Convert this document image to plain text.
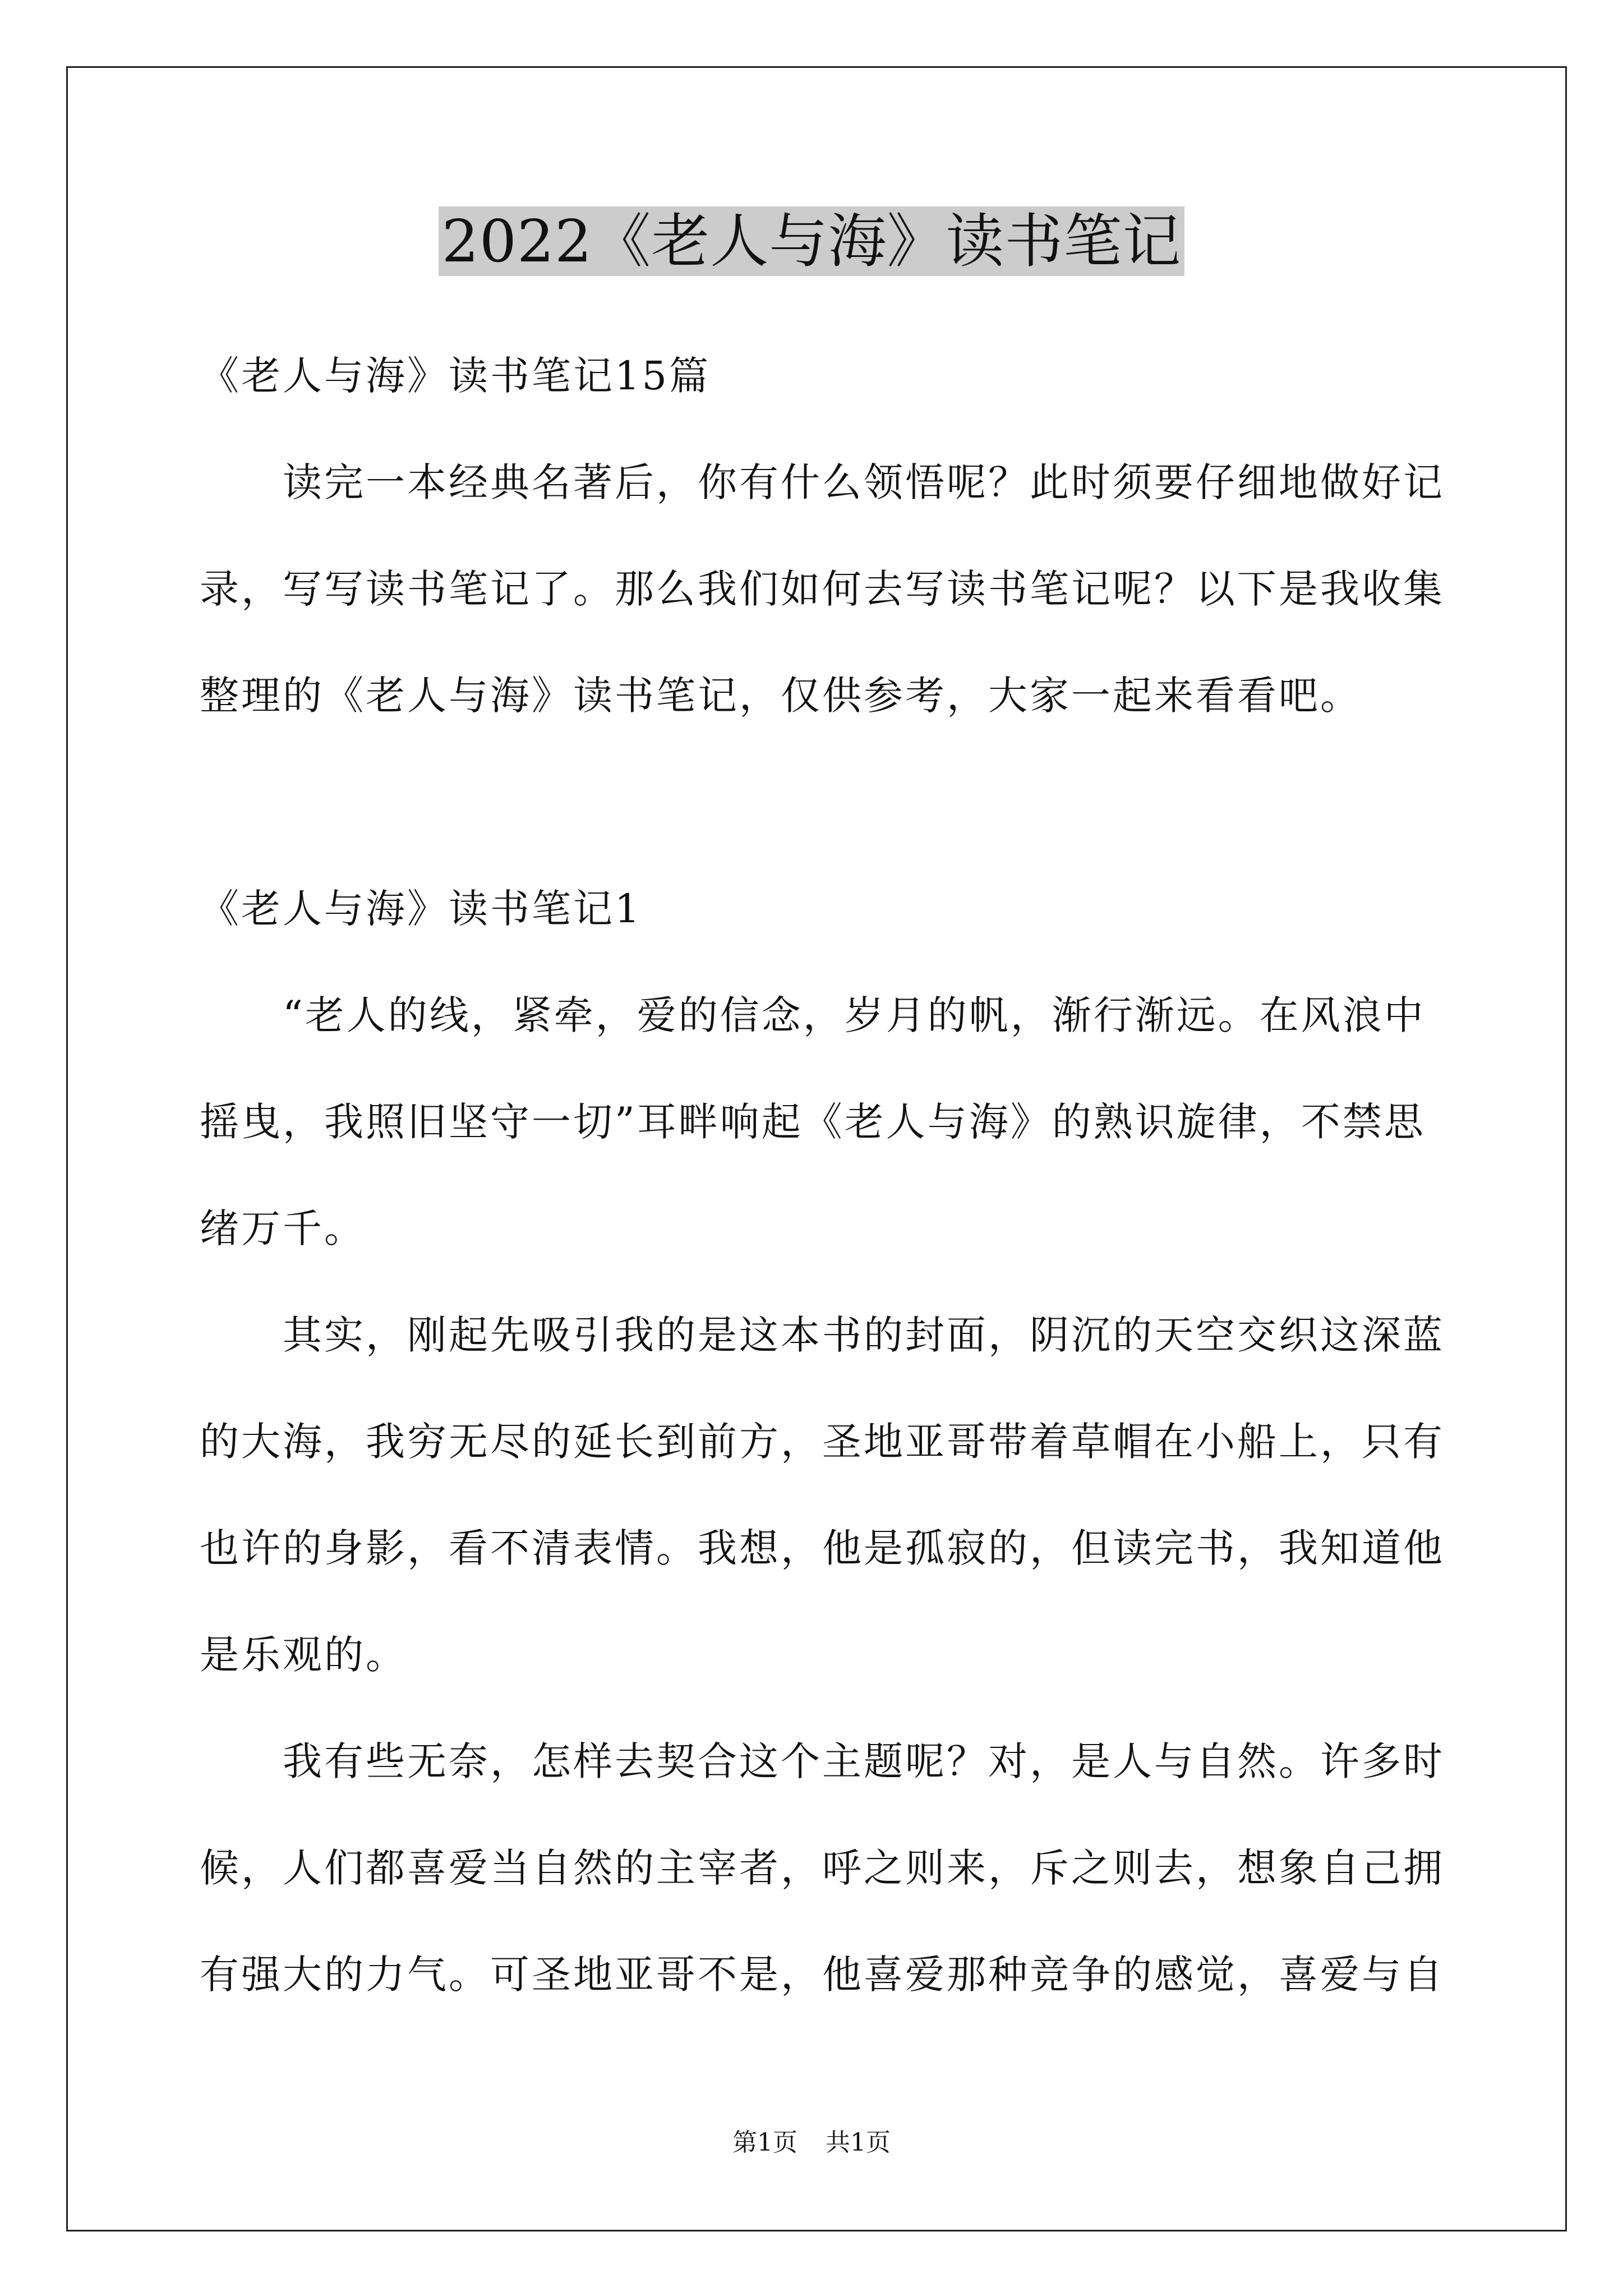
2022《老人与海》读书笔记
《老人与海》读书笔记15篇
　　读完一本经典名著后，你有什么领悟呢？此时须要仔细地做好记
录，写写读书笔记了。那么我们如何去写读书笔记呢？以下是我收集
整理的《老人与海》读书笔记，仅供参考，大家一起来看看吧。
《老人与海》读书笔记1
　　“老人的线，紧牵，爱的信念，岁月的帆，渐行渐远。在风浪中
摇曳，我照旧坚守一切”耳畔响起《老人与海》的熟识旋律，不禁思
绪万千。
　　其实，刚起先吸引我的是这本书的封面，阴沉的天空交织这深蓝
的大海，我穷无尽的延长到前方，圣地亚哥带着草帽在小船上，只有
也许的身影，看不清表情。我想，他是孤寂的，但读完书，我知道他
是乐观的。
　　我有些无奈，怎样去契合这个主题呢？对，是人与自然。许多时
候，人们都喜爱当自然的主宰者，呼之则来，斥之则去，想象自己拥
有强大的力气。可圣地亚哥不是，他喜爱那种竞争的感觉，喜爱与自
第1页 共1页
